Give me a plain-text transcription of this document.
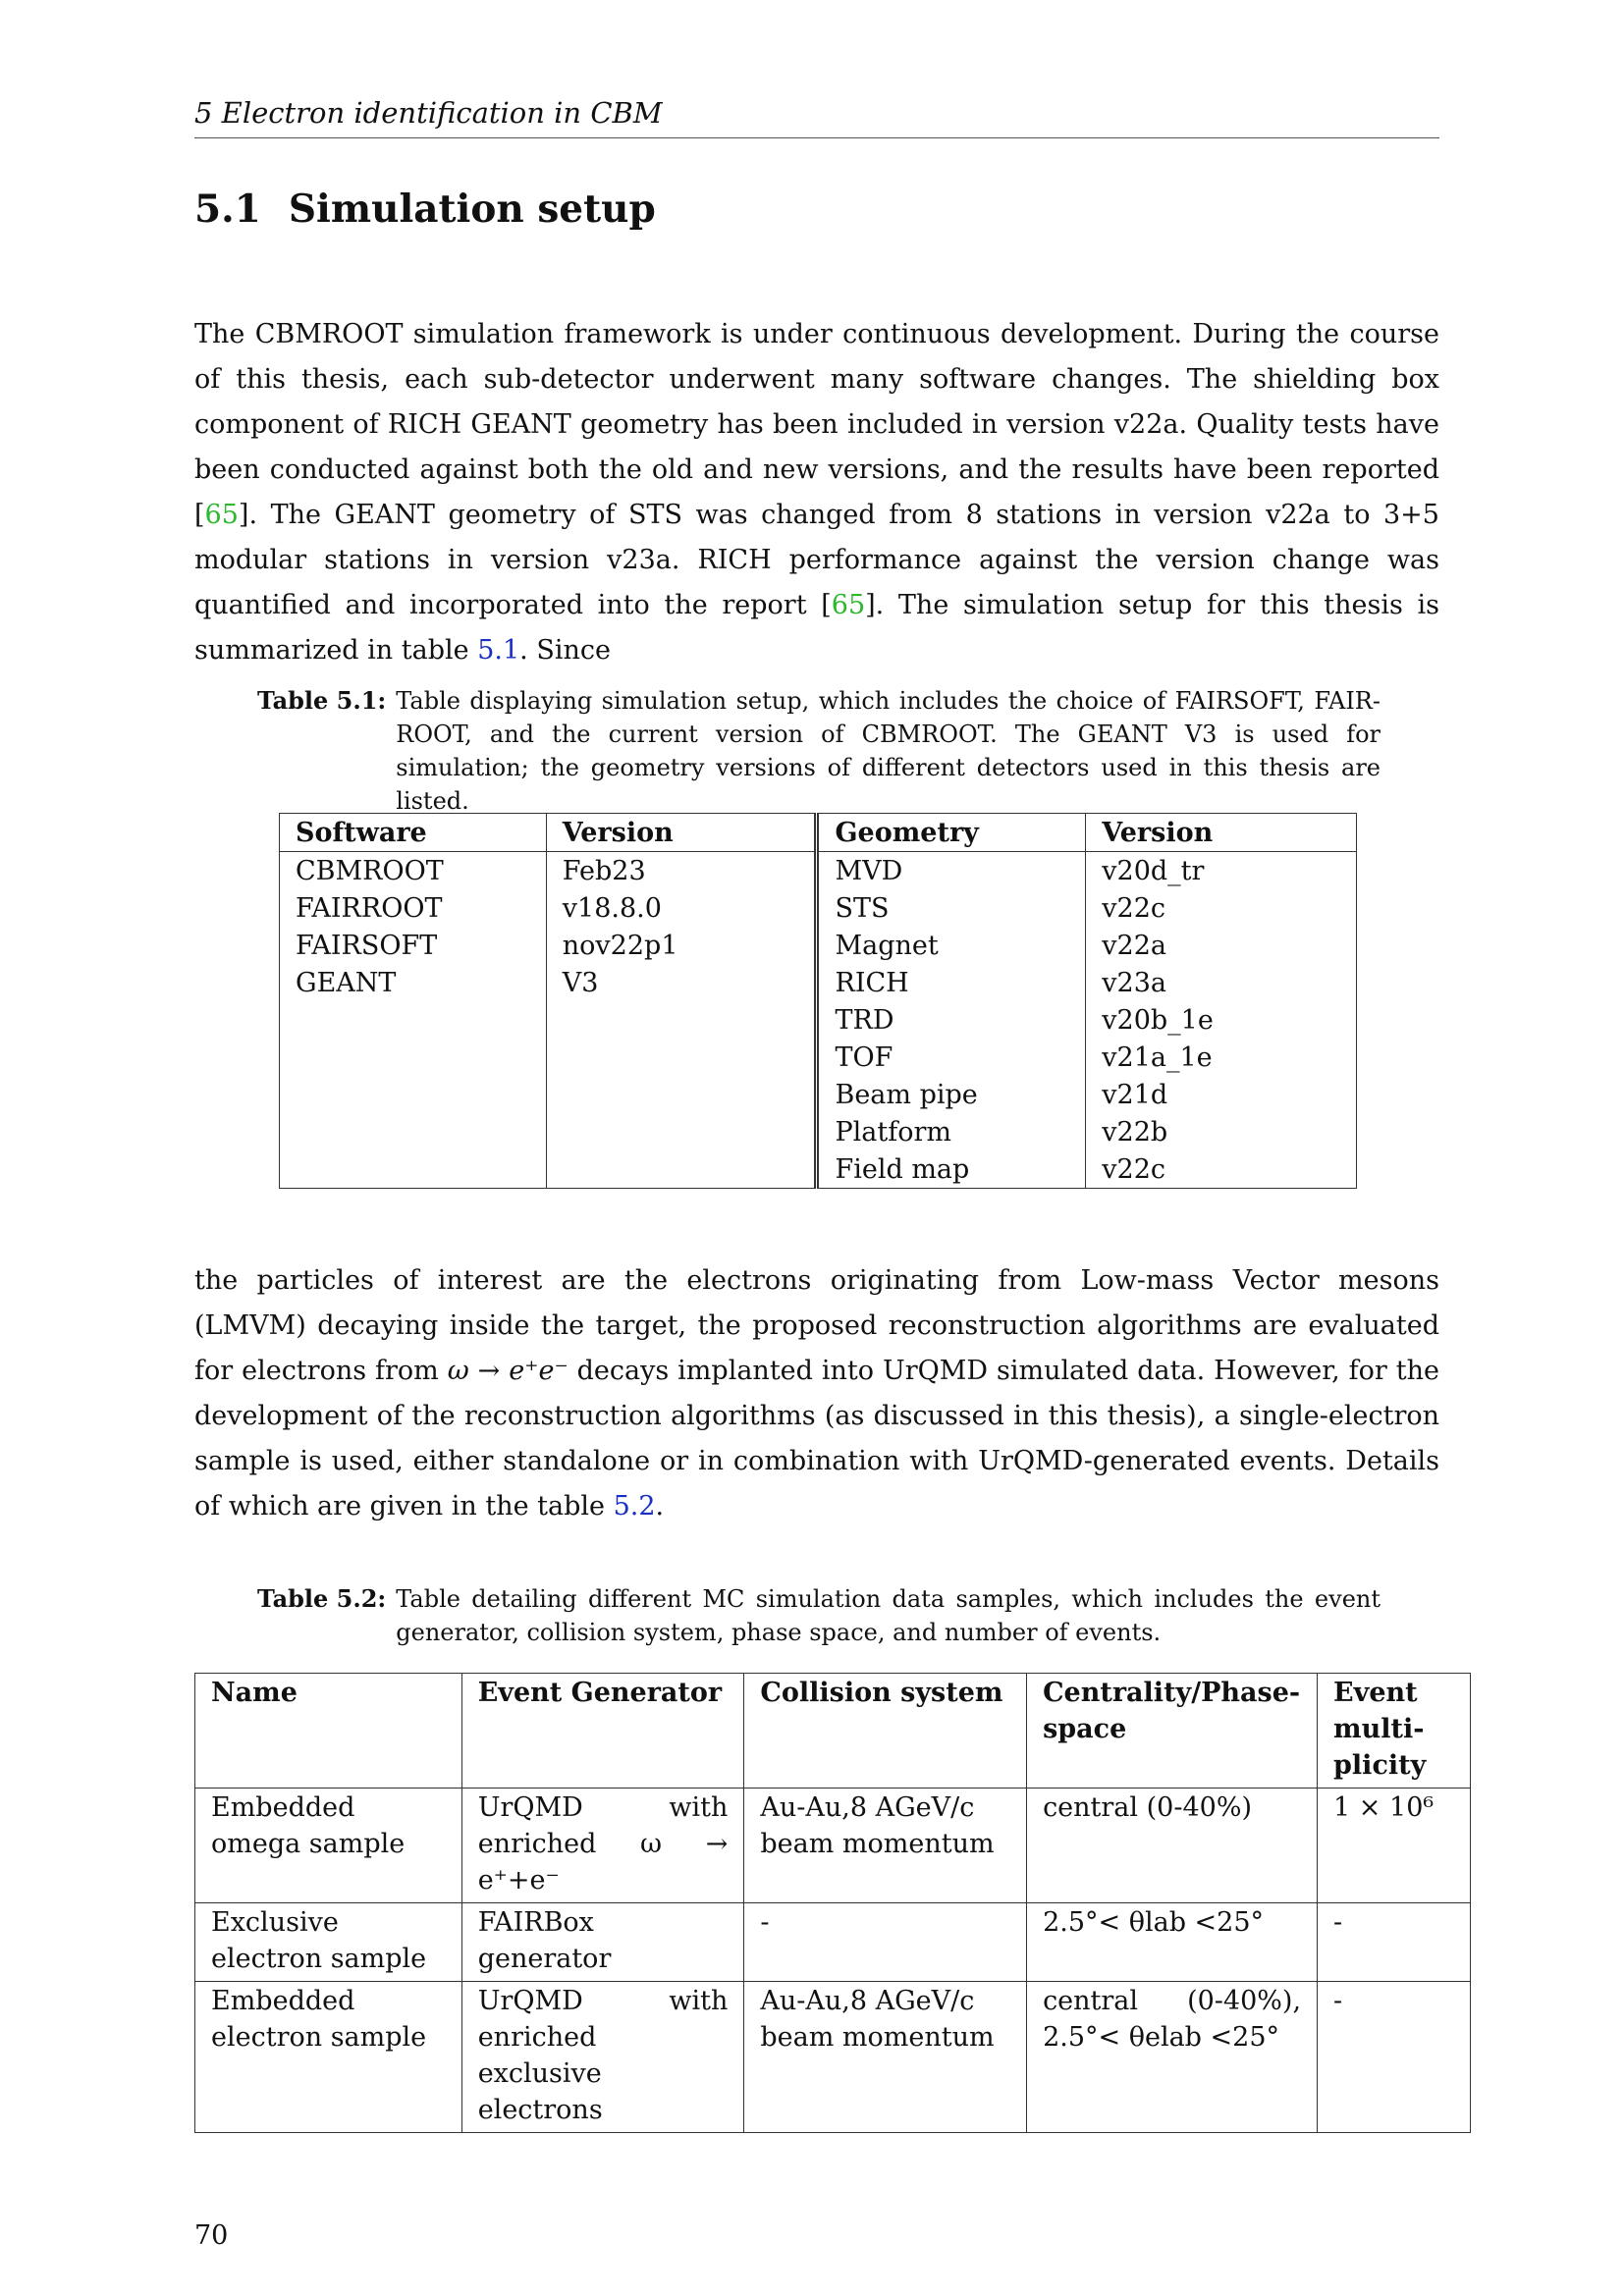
5 Electron identification in CBM
5.1 Simulation setup

The CBMROOT simulation framework is under continuous development. During the course of this thesis, each sub-detector underwent many software changes. The shielding box component of RICH GEANT geometry has been included in version v22a. Quality tests have been conducted against both the old and new versions, and the results have been reported [65]. The GEANT geometry of STS was changed from 8 stations in version v22a to 3+5 modular stations in version v23a. RICH performance against the version change was quantified and incorporated into the report [65]. The simulation setup for this thesis is summarized in table 5.1. Since

Table 5.1: Table displaying simulation setup, which includes the choice of FAIRSOFT, FAIR-ROOT, and the current version of CBMROOT. The GEANT V3 is used for simulation; the geometry versions of different detectors used in this thesis are listed.
Software	Version	Geometry	Version
CBMROOT	Feb23	MVD	v20d_tr
FAIRROOT	v18.8.0	STS	v22c
FAIRSOFT	nov22p1	Magnet	v22a
GEANT	V3	RICH	v23a
		TRD	v20b_1e
		TOF	v21a_1e
		Beam pipe	v21d
		Platform	v22b
		Field map	v22c

the particles of interest are the electrons originating from Low-mass Vector mesons (LMVM) decaying inside the target, the proposed reconstruction algorithms are evaluated for electrons from ω → e⁺e⁻ decays implanted into UrQMD simulated data. However, for the development of the reconstruction algorithms (as discussed in this thesis), a single-electron sample is used, either standalone or in combination with UrQMD-generated events. Details of which are given in the table 5.2.

Table 5.2: Table detailing different MC simulation data samples, which includes the event generator, collision system, phase space, and number of events.
Name	Event Generator	Collision system	Centrality/Phase-space	Event multi-plicity
Embedded omega sample	UrQMD with enriched ω → e⁺+e⁻	Au-Au,8 AGeV/c beam momentum	central (0-40%)	1 × 10⁶
Exclusive electron sample	FAIRBox generator	-	2.5°< θlab <25°	-
Embedded electron sample	UrQMD with enriched exclusive electrons	Au-Au,8 AGeV/c beam momentum	central (0-40%), 2.5°< θelab <25°	-
70
